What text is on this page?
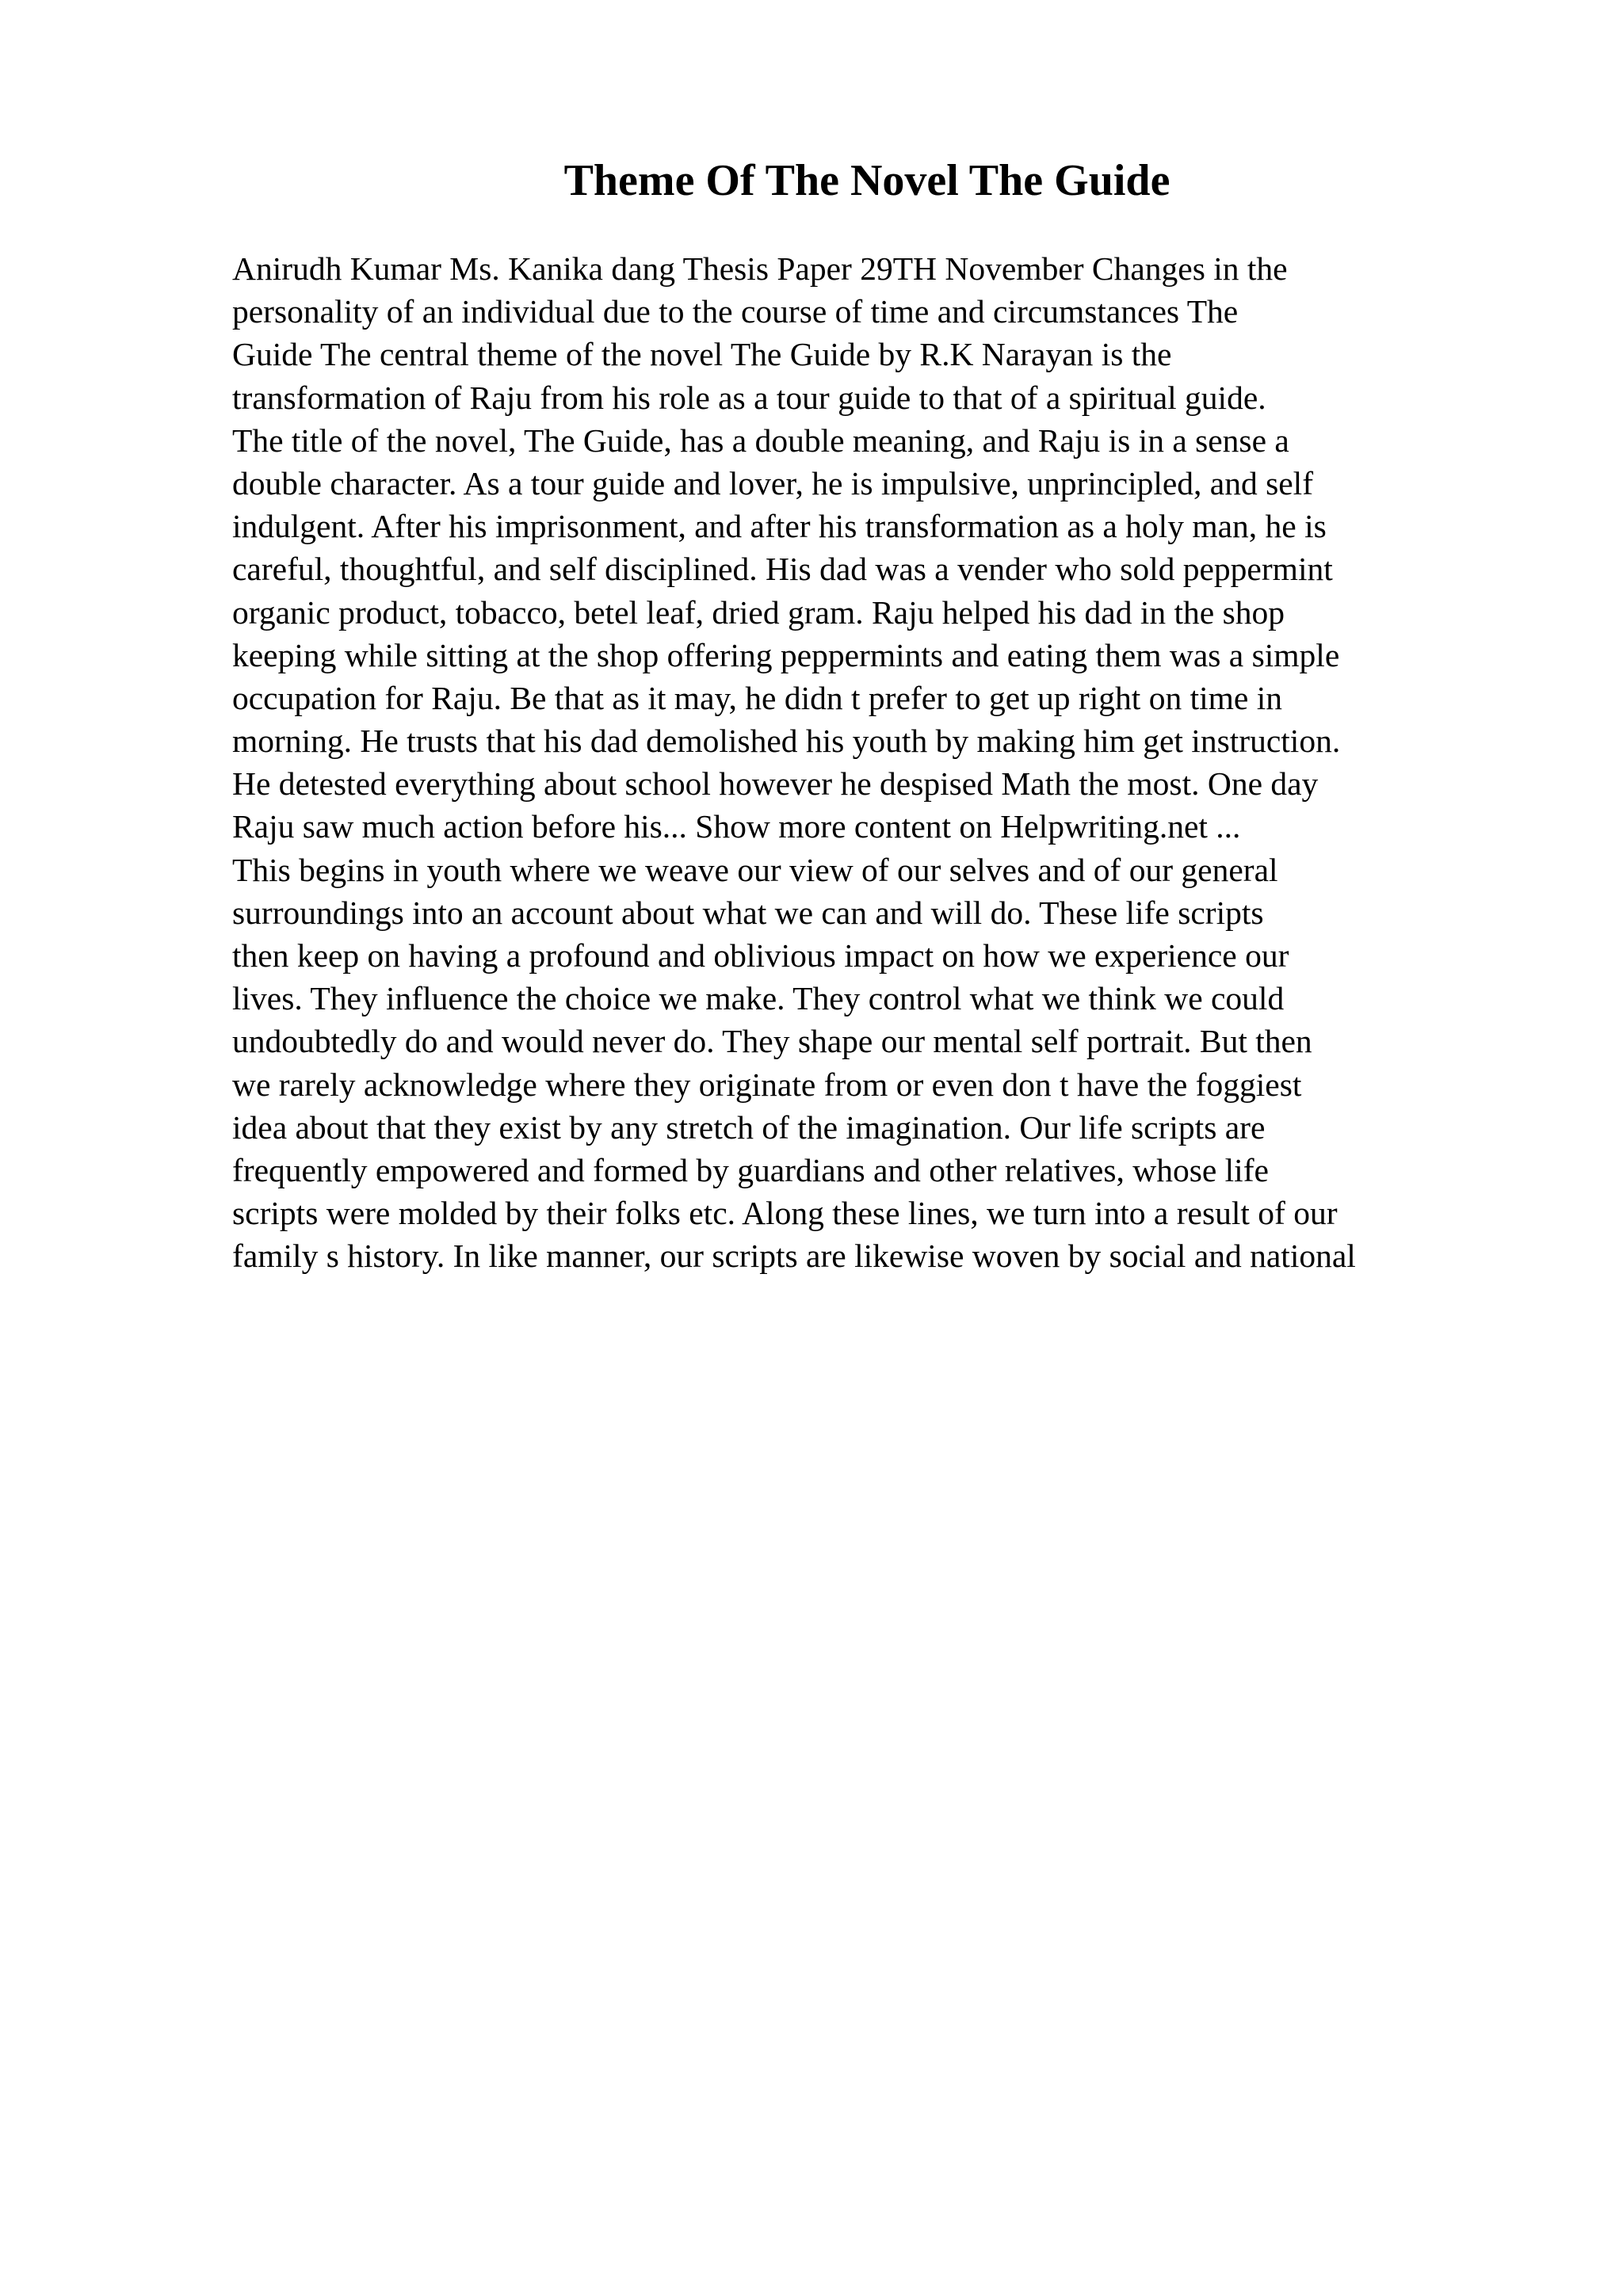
Theme Of The Novel The Guide
Anirudh Kumar Ms. Kanika dang Thesis Paper 29TH November Changes in the
personality of an individual due to the course of time and circumstances The
Guide The central theme of the novel The Guide by R.K Narayan is the
transformation of Raju from his role as a tour guide to that of a spiritual guide.
The title of the novel, The Guide, has a double meaning, and Raju is in a sense a
double character. As a tour guide and lover, he is impulsive, unprincipled, and self
indulgent. After his imprisonment, and after his transformation as a holy man, he is
careful, thoughtful, and self disciplined. His dad was a vender who sold peppermint
organic product, tobacco, betel leaf, dried gram. Raju helped his dad in the shop
keeping while sitting at the shop offering peppermints and eating them was a simple
occupation for Raju. Be that as it may, he didn t prefer to get up right on time in
morning. He trusts that his dad demolished his youth by making him get instruction.
He detested everything about school however he despised Math the most. One day
Raju saw much action before his... Show more content on Helpwriting.net ...
This begins in youth where we weave our view of our selves and of our general
surroundings into an account about what we can and will do. These life scripts
then keep on having a profound and oblivious impact on how we experience our
lives. They influence the choice we make. They control what we think we could
undoubtedly do and would never do. They shape our mental self portrait. But then
we rarely acknowledge where they originate from or even don t have the foggiest
idea about that they exist by any stretch of the imagination. Our life scripts are
frequently empowered and formed by guardians and other relatives, whose life
scripts were molded by their folks etc. Along these lines, we turn into a result of our
family s history. In like manner, our scripts are likewise woven by social and national
